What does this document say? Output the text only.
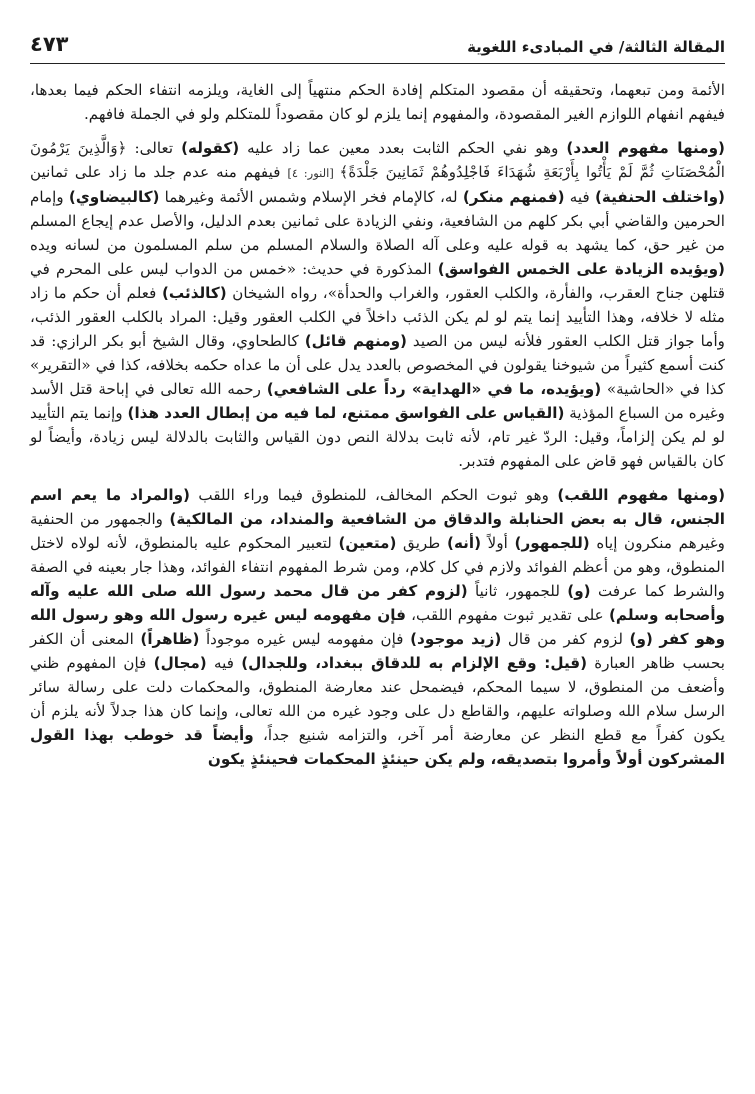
المقالة الثالثة/ في المبادىء اللغوية
٤٧٣

الأئمة ومن تبعهما، وتحقيقه أن مقصود المتكلم إفادة الحكم منتهياً إلى الغاية، ويلزمه انتفاء الحكم فيما بعدها، فيفهم انفهام اللوازم الغير المقصودة، والمفهوم إنما يلزم لو كان مقصوداً للمتكلم ولو في الجملة فافهم.

(ومنها مفهوم العدد) وهو نفي الحكم الثابت بعدد معين عما زاد عليه (كقوله) تعالى: ﴿وَالَّذِينَ يَرْمُونَ الْمُحْصَنَاتِ ثُمَّ لَمْ يَأْتُوا بِأَرْبَعَةِ شُهَدَاءَ فَاجْلِدُوهُمْ ثَمَانِينَ جَلْدَةً﴾ [النور: ٤] فيفهم منه عدم جلد ما زاد على ثمانين (واختلف الحنفية) فيه (فمنهم منكر) له، كالإمام فخر الإسلام وشمس الأئمة وغيرهما (كالبيضاوي) وإمام الحرمين والقاضي أبي بكر كلهم من الشافعية، ونفي الزيادة على ثمانين بعدم الدليل، والأصل عدم إيجاع المسلم من غير حق، كما يشهد به قوله عليه وعلى آله الصلاة والسلام المسلم من سلم المسلمون من لسانه ويده (ويؤيده الزيادة على الخمس الفواسق) المذكورة في حديث: «خمس من الدواب ليس على المحرم في قتلهن جناح العقرب، والفأرة، والكلب العقور، والغراب والحدأة»، رواه الشيخان (كالذئب) فعلم أن حكم ما زاد مثله لا خلافه، وهذا التأييد إنما يتم لو لم يكن الذئب داخلاً في الكلب العقور وقيل: المراد بالكلب العقور الذئب، وأما جواز قتل الكلب العقور فلأنه ليس من الصيد (ومنهم قائل) كالطحاوي، وقال الشيخ أبو بكر الرازي: قد كنت أسمع كثيراً من شيوخنا يقولون في المخصوص بالعدد يدل على أن ما عداه حكمه بخلافه، كذا في «التقرير» كذا في «الحاشية» (ويؤيده، ما في «الهداية» رداً على الشافعي) رحمه الله تعالى في إباحة قتل الأسد وغيره من السباع المؤذية (القياس على الفواسق ممتنع، لما فيه من إبطال العدد هذا) وإنما يتم التأييد لو لم يكن إلزاماً، وقيل: الردّ غير تام، لأنه ثابت بدلالة النص دون القياس والثابت بالدلالة ليس زيادة، وأيضاً لو كان بالقياس فهو قاض على المفهوم فتدبر.

(ومنها مفهوم اللقب) وهو ثبوت الحكم المخالف، للمنطوق فيما وراء اللقب (والمراد ما يعم اسم الجنس، قال به بعض الحنابلة والدقاق من الشافعية والمنداد، من المالكية) والجمهور من الحنفية وغيرهم منكرون إياه (للجمهور) أولاً (أنه) طريق (متعين) لتعبير المحكوم عليه بالمنطوق، لأنه لولاه لاختل المنطوق، وهو من أعظم الفوائد ولازم في كل كلام، ومن شرط المفهوم انتفاء الفوائد، وهذا جار بعينه في الصفة والشرط كما عرفت (و) للجمهور، ثانياً (لزوم كفر من قال محمد رسول الله صلى الله عليه وآله وأصحابه وسلم) على تقدير ثبوت مفهوم اللقب، فإن مفهومه ليس غيره رسول الله وهو رسول الله وهو كفر (و) لزوم كفر من قال (زيد موجود) فإن مفهومه ليس غيره موجوداً (ظاهراً) المعنى أن الكفر بحسب ظاهر العبارة (قيل: وقع الإلزام به للدقاق ببغداد، وللجدال) فيه (مجال) فإن المفهوم ظني وأضعف من المنطوق، لا سيما المحكم، فيضمحل عند معارضة المنطوق، والمحكمات دلت على رسالة سائر الرسل سلام الله وصلواته عليهم، والقاطع دل على وجود غيره من الله تعالى، وإنما كان هذا جدلاً لأنه يلزم أن يكون كفراً مع قطع النظر عن معارضة أمر آخر، والتزامه شنيع جداً، وأيضاً قد خوطب بهذا القول المشركون أولاً وأمروا بتصديقه، ولم يكن حينئذٍ المحكمات فحينئذٍ يكون
